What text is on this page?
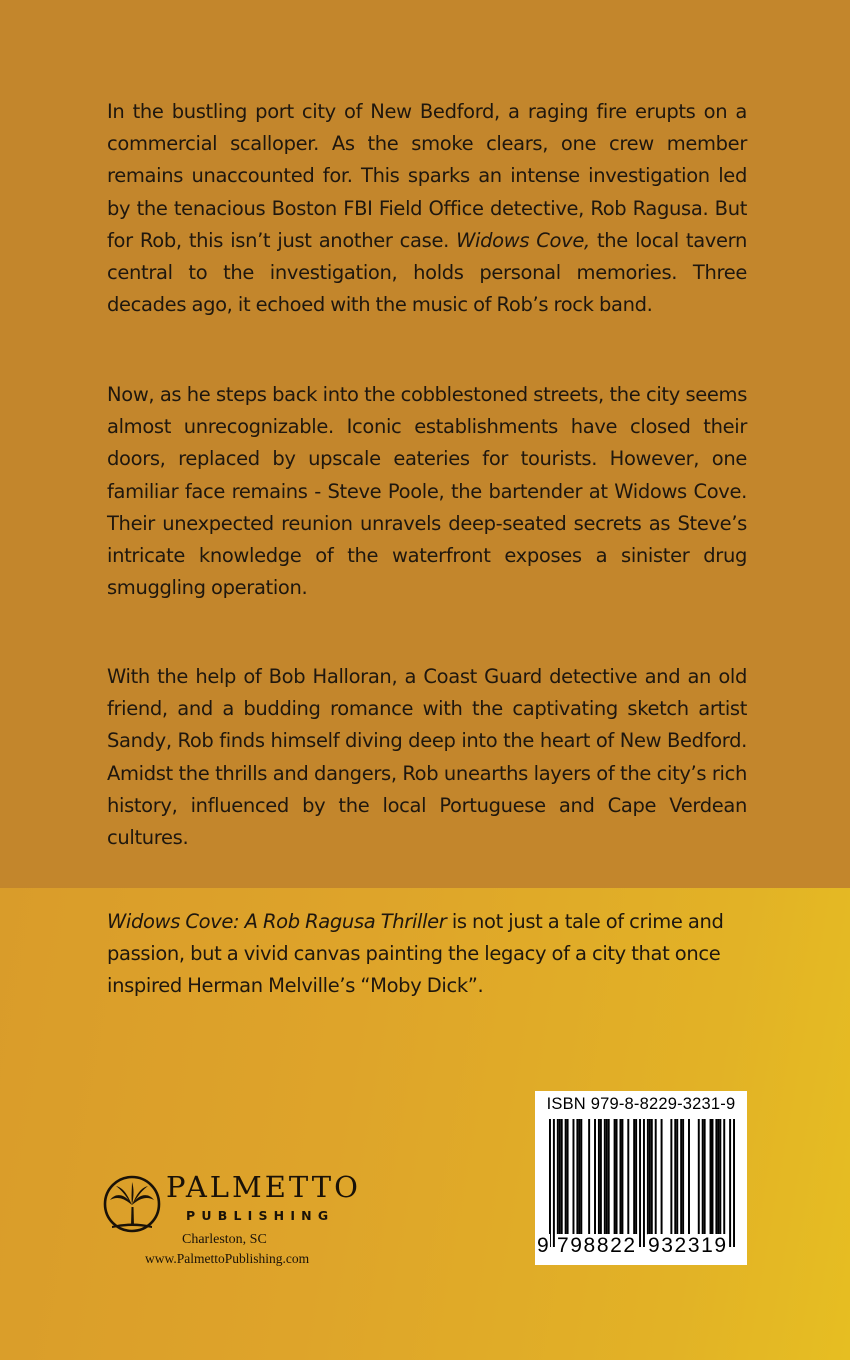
In the bustling port city of New Bedford, a raging fire erupts on a commercial scalloper. As the smoke clears, one crew member remains unaccounted for. This sparks an intense investigation led by the tenacious Boston FBI Field Office detective, Rob Ragusa. But for Rob, this isn’t just another case. Widows Cove, the local tavern central to the investigation, holds personal memories. Three decades ago, it echoed with the music of Rob’s rock band.

Now, as he steps back into the cobblestoned streets, the city seems almost unrecognizable. Iconic establishments have closed their doors, replaced by upscale eateries for tourists. However, one familiar face remains - Steve Poole, the bartender at Widows Cove. Their unexpected reunion unravels deep-seated secrets as Steve’s intricate knowledge of the waterfront exposes a sinister drug smuggling operation.

With the help of Bob Halloran, a Coast Guard detective and an old friend, and a budding romance with the captivating sketch artist Sandy, Rob finds himself diving deep into the heart of New Bedford. Amidst the thrills and dangers, Rob unearths layers of the city’s rich history, influenced by the local Portuguese and Cape Verdean cultures.

Widows Cove: A Rob Ragusa Thriller is not just a tale of crime and passion, but a vivid canvas painting the legacy of a city that once inspired Herman Melville’s “Moby Dick”.

PALMETTO
PUBLISHING
Charleston, SC
www.PalmettoPublishing.com
ISBN 979-8-8229-3231-9
9 798822 932319
